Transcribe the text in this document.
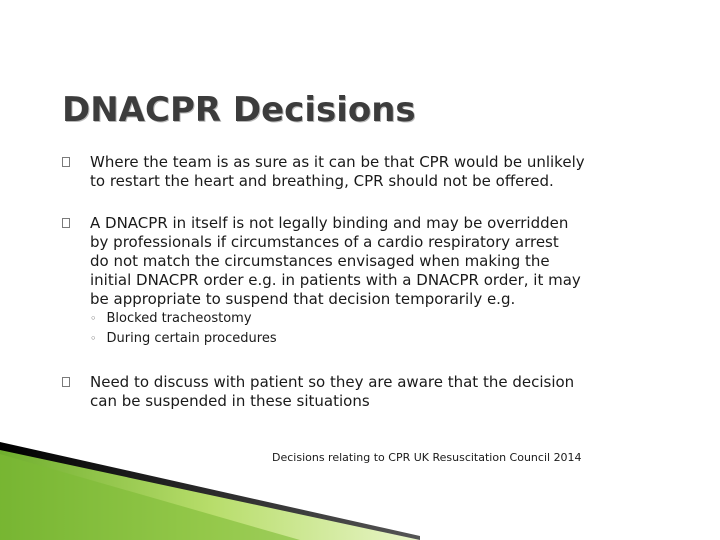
DNACPR Decisions
Where the team is as sure as it can be that CPR would be unlikely
to restart the heart and breathing, CPR should not be offered.
A DNACPR in itself is not legally binding and may be overridden
by professionals if circumstances of a cardio respiratory arrest
do not match the circumstances envisaged when making the
initial DNACPR order e.g. in patients with a DNACPR order, it may
be appropriate to suspend that decision temporarily e.g.
◦ Blocked tracheostomy
◦ During certain procedures
Need to discuss with patient so they are aware that the decision
can be suspended in these situations
Decisions relating to CPR UK Resuscitation Council 2014
